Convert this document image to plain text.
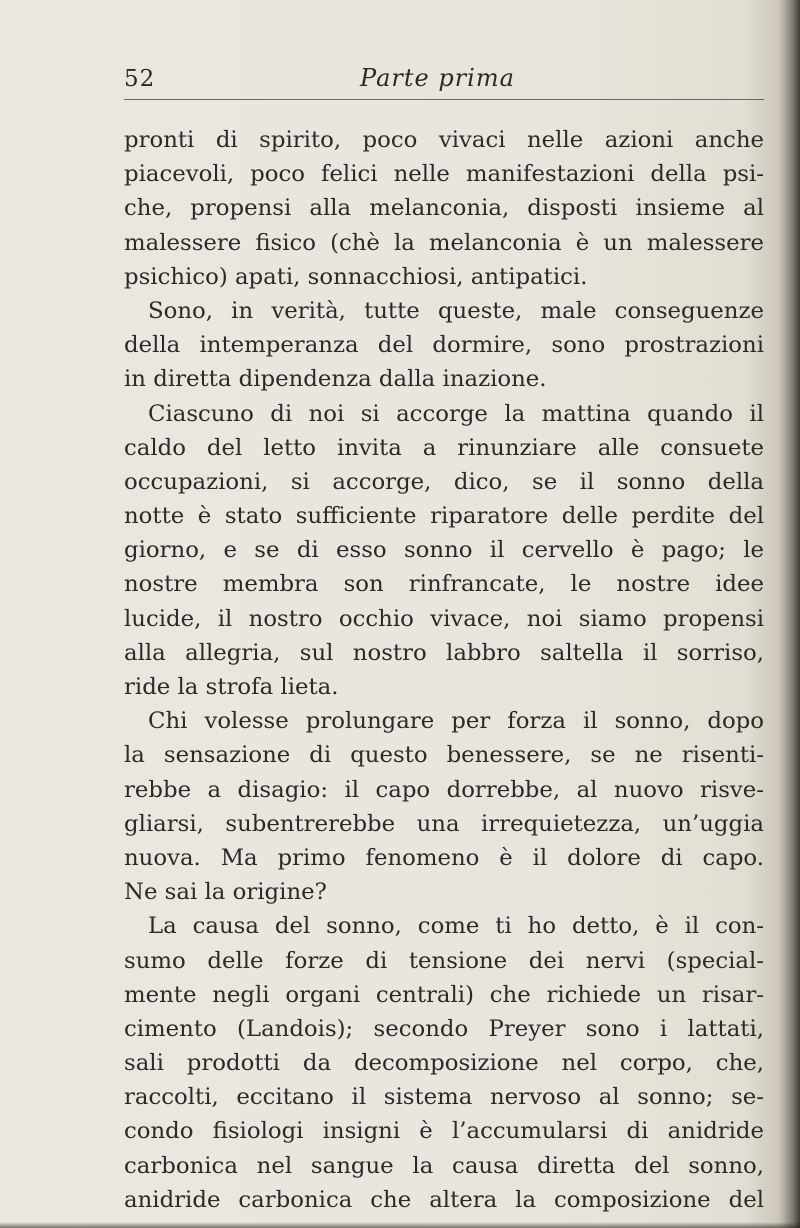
52	Parte prima
pronti di spirito, poco vivaci nelle azioni anche
piacevoli, poco felici nelle manifestazioni della psi-
che, propensi alla melanconia, disposti insieme al
malessere fisico (chè la melanconia è un malessere
psichico) apati, sonnacchiosi, antipatici.
Sono, in verità, tutte queste, male conseguenze
della intemperanza del dormire, sono prostrazioni
in diretta dipendenza dalla inazione.
Ciascuno di noi si accorge la mattina quando il
caldo del letto invita a rinunziare alle consuete
occupazioni, si accorge, dico, se il sonno della
notte è stato sufficiente riparatore delle perdite del
giorno, e se di esso sonno il cervello è pago; le
nostre membra son rinfrancate, le nostre idee
lucide, il nostro occhio vivace, noi siamo propensi
alla allegria, sul nostro labbro saltella il sorriso,
ride la strofa lieta.
Chi volesse prolungare per forza il sonno, dopo
la sensazione di questo benessere, se ne risenti-
rebbe a disagio: il capo dorrebbe, al nuovo risve-
gliarsi, subentrerebbe una irrequietezza, un’uggia
nuova. Ma primo fenomeno è il dolore di capo.
Ne sai la origine?
La causa del sonno, come ti ho detto, è il con-
sumo delle forze di tensione dei nervi (special-
mente negli organi centrali) che richiede un risar-
cimento (Landois); secondo Preyer sono i lattati,
sali prodotti da decomposizione nel corpo, che,
raccolti, eccitano il sistema nervoso al sonno; se-
condo fisiologi insigni è l’accumularsi di anidride
carbonica nel sangue la causa diretta del sonno,
anidride carbonica che altera la composizione del
